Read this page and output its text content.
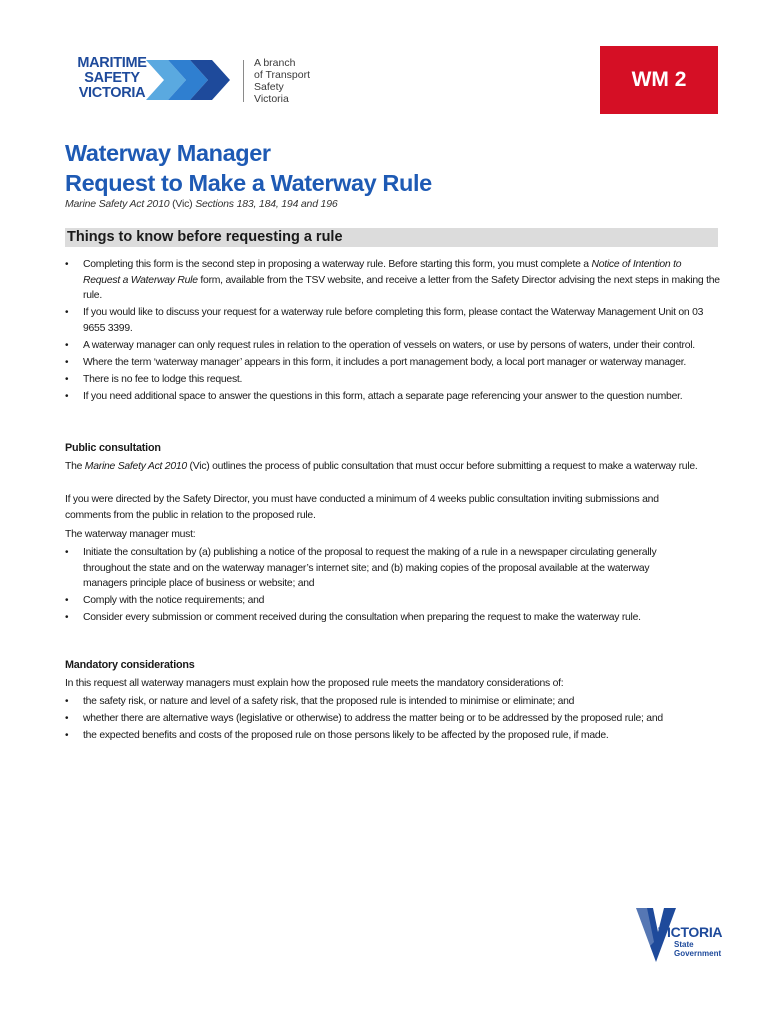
MARITIME
SAFETY
VICTORIA
A branch
of Transport
Safety
Victoria
WM 2
Waterway Manager
Request to Make a Waterway Rule
Marine Safety Act 2010 (Vic) Sections 183, 184, 194 and 196
Things to know before requesting a rule
• Completing this form is the second step in proposing a waterway rule. Before starting this form, you must complete a Notice of Intention to Request a Waterway Rule form, available from the TSV website, and receive a letter from the Safety Director advising the next steps in making the rule.
• If you would like to discuss your request for a waterway rule before completing this form, please contact the Waterway Management Unit on 03 9655 3399.
• A waterway manager can only request rules in relation to the operation of vessels on waters, or use by persons of waters, under their control.
• Where the term ‘waterway manager’ appears in this form, it includes a port management body, a local port manager or waterway manager.
• There is no fee to lodge this request.
• If you need additional space to answer the questions in this form, attach a separate page referencing your answer to the question number.
Public consultation
The Marine Safety Act 2010 (Vic) outlines the process of public consultation that must occur before submitting a request to make a waterway rule.
If you were directed by the Safety Director, you must have conducted a minimum of 4 weeks public consultation inviting submissions and comments from the public in relation to the proposed rule.
The waterway manager must:
• Initiate the consultation by (a) publishing a notice of the proposal to request the making of a rule in a newspaper circulating generally throughout the state and on the waterway manager’s internet site; and (b) making copies of the proposal available at the waterway managers principle place of business or website; and
• Comply with the notice requirements; and
• Consider every submission or comment received during the consultation when preparing the request to make the waterway rule.
Mandatory considerations
In this request all waterway managers must explain how the proposed rule meets the mandatory considerations of:
• the safety risk, or nature and level of a safety risk, that the proposed rule is intended to minimise or eliminate; and
• whether there are alternative ways (legislative or otherwise) to address the matter being or to be addressed by the proposed rule; and
• the expected benefits and costs of the proposed rule on those persons likely to be affected by the proposed rule, if made.
VICTORIA
State
Government
